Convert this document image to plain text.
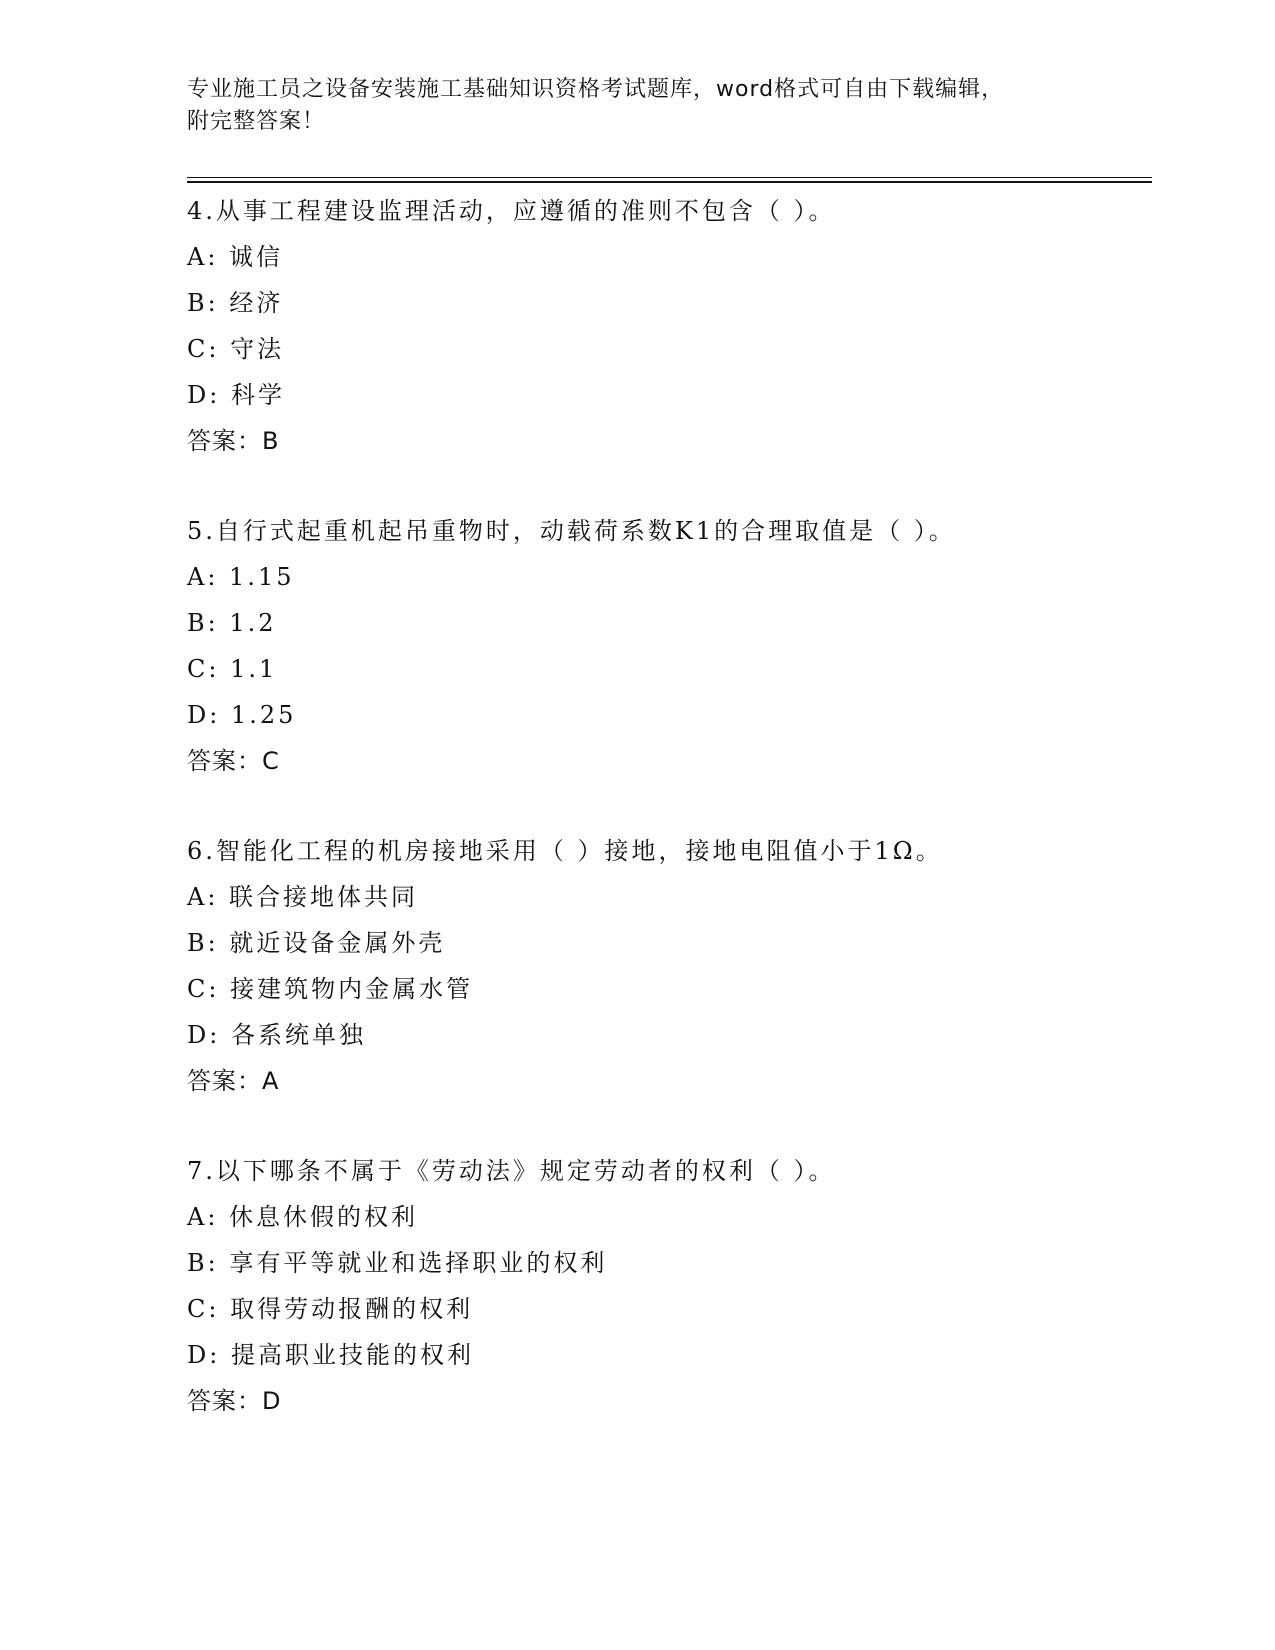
专业施工员之设备安装施工基础知识资格考试题库，word格式可自由下载编辑，
附完整答案！
4.从事工程建设监理活动，应遵循的准则不包含（ ）。
A: 诚信
B: 经济
C: 守法
D: 科学
答案：B
5.自行式起重机起吊重物时，动载荷系数K1的合理取值是（ ）。
A: 1.15
B: 1.2
C: 1.1
D: 1.25
答案：C
6.智能化工程的机房接地采用（ ）接地，接地电阻值小于1Ω。
A: 联合接地体共同
B: 就近设备金属外壳
C: 接建筑物内金属水管
D: 各系统单独
答案：A
7.以下哪条不属于《劳动法》规定劳动者的权利（ ）。
A: 休息休假的权利
B: 享有平等就业和选择职业的权利
C: 取得劳动报酬的权利
D: 提高职业技能的权利
答案：D
